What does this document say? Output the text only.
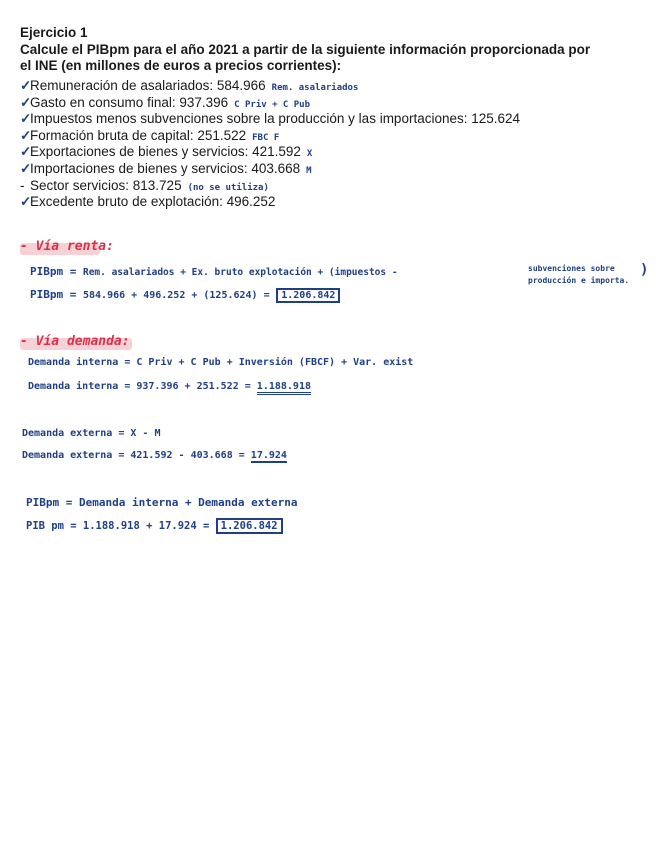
Ejercicio 1
Calcule el PIBpm para el año 2021 a partir de la siguiente información proporcionada por
el INE (en millones de euros a precios corrientes):
✓Remuneración de asalariados: 584.966 Rem. asalariados
✓Gasto en consumo final: 937.396 C Priv + C Pub
✓Impuestos menos subvenciones sobre la producción y las importaciones: 125.624
✓Formación bruta de capital: 251.522 FBC F
✓Exportaciones de bienes y servicios: 421.592 X
✓Importaciones de bienes y servicios: 403.668 M
- Sector servicios: 813.725 (no se utiliza)
✓Excedente bruto de explotación: 496.252
- Vía renta:
PIBpm = Rem. asalariados + Ex. bruto explotación + (impuestos -	subvenciones sobre
producción e importa.
)
PIBpm = 584.966 + 496.252 + (125.624) = 1.206.842
- Vía demanda:
Demanda interna = C Priv + C Pub + Inversión (FBCF) + Var. exist
Demanda interna = 937.396 + 251.522 = 1.188.918
Demanda externa = X - M
Demanda externa = 421.592 - 403.668 = 17.924
PIBpm = Demanda interna + Demanda externa
PIB pm = 1.188.918 + 17.924 = 1.206.842
